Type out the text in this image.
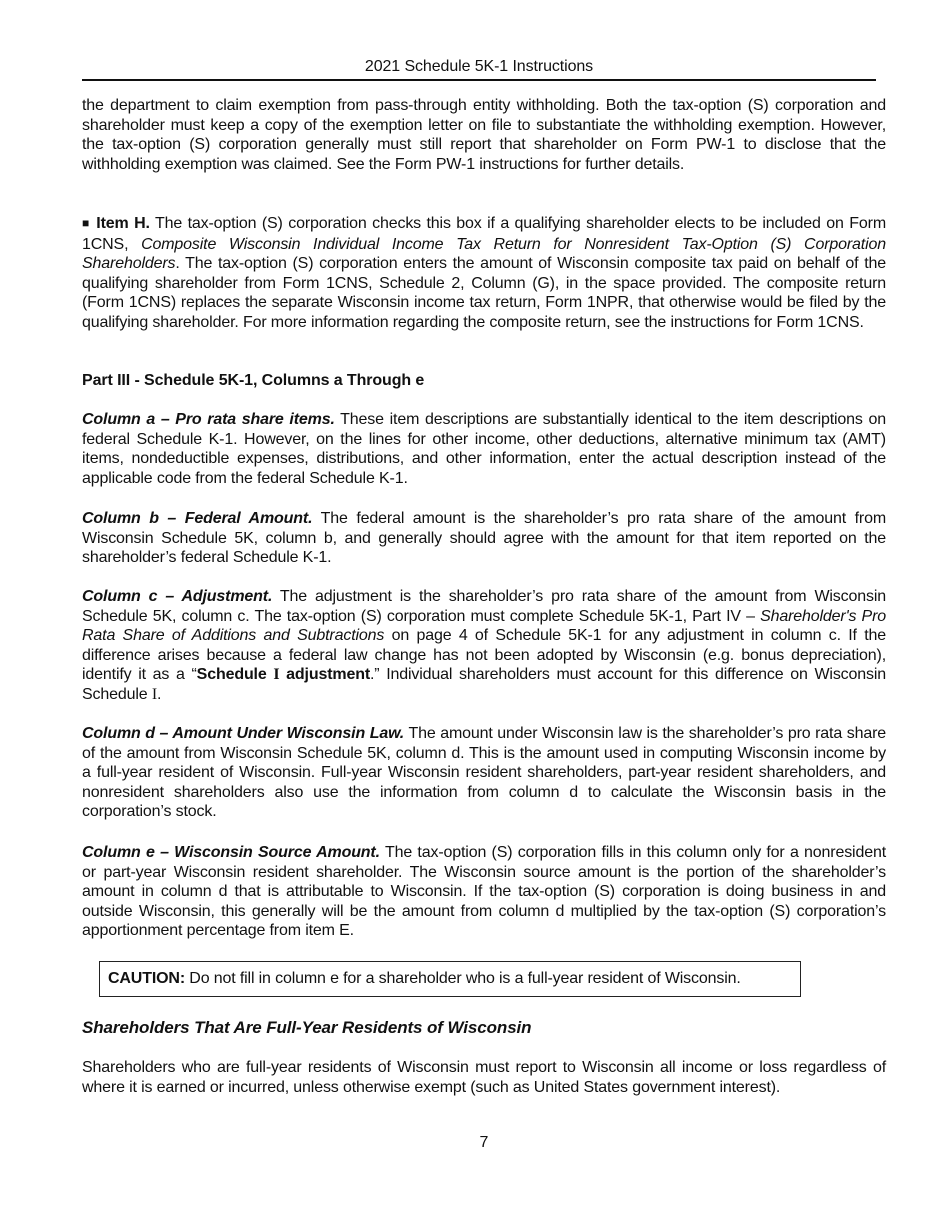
2021 Schedule 5K-1 Instructions
the department to claim exemption from pass-through entity withholding. Both the tax-option (S) corporation and shareholder must keep a copy of the exemption letter on file to substantiate the withholding exemption. However, the tax-option (S) corporation generally must still report that shareholder on Form PW-1 to disclose that the withholding exemption was claimed. See the Form PW-1 instructions for further details.
■ Item H. The tax-option (S) corporation checks this box if a qualifying shareholder elects to be included on Form 1CNS, Composite Wisconsin Individual Income Tax Return for Nonresident Tax-Option (S) Corporation Shareholders. The tax-option (S) corporation enters the amount of Wisconsin composite tax paid on behalf of the qualifying shareholder from Form 1CNS, Schedule 2, Column (G), in the space provided. The composite return (Form 1CNS) replaces the separate Wisconsin income tax return, Form 1NPR, that otherwise would be filed by the qualifying shareholder. For more information regarding the composite return, see the instructions for Form 1CNS.
Part III - Schedule 5K-1, Columns a Through e
Column a – Pro rata share items. These item descriptions are substantially identical to the item descriptions on federal Schedule K-1. However, on the lines for other income, other deductions, alternative minimum tax (AMT) items, nondeductible expenses, distributions, and other information, enter the actual description instead of the applicable code from the federal Schedule K-1.
Column b – Federal Amount. The federal amount is the shareholder’s pro rata share of the amount from Wisconsin Schedule 5K, column b, and generally should agree with the amount for that item reported on the shareholder’s federal Schedule K-1.
Column c – Adjustment. The adjustment is the shareholder’s pro rata share of the amount from Wisconsin Schedule 5K, column c. The tax-option (S) corporation must complete Schedule 5K-1, Part IV – Shareholder's Pro Rata Share of Additions and Subtractions on page 4 of Schedule 5K-1 for any adjustment in column c. If the difference arises because a federal law change has not been adopted by Wisconsin (e.g. bonus depreciation), identify it as a “Schedule I adjustment.” Individual shareholders must account for this difference on Wisconsin Schedule I.
Column d – Amount Under Wisconsin Law. The amount under Wisconsin law is the shareholder’s pro rata share of the amount from Wisconsin Schedule 5K, column d. This is the amount used in computing Wisconsin income by a full-year resident of Wisconsin. Full-year Wisconsin resident shareholders, part-year resident shareholders, and nonresident shareholders also use the information from column d to calculate the Wisconsin basis in the corporation’s stock.
Column e – Wisconsin Source Amount. The tax-option (S) corporation fills in this column only for a nonresident or part-year Wisconsin resident shareholder. The Wisconsin source amount is the portion of the shareholder’s amount in column d that is attributable to Wisconsin. If the tax-option (S) corporation is doing business in and outside Wisconsin, this generally will be the amount from column d multiplied by the tax-option (S) corporation’s apportionment percentage from item E.
CAUTION: Do not fill in column e for a shareholder who is a full-year resident of Wisconsin.
Shareholders That Are Full-Year Residents of Wisconsin
Shareholders who are full-year residents of Wisconsin must report to Wisconsin all income or loss regardless of where it is earned or incurred, unless otherwise exempt (such as United States government interest).
7
